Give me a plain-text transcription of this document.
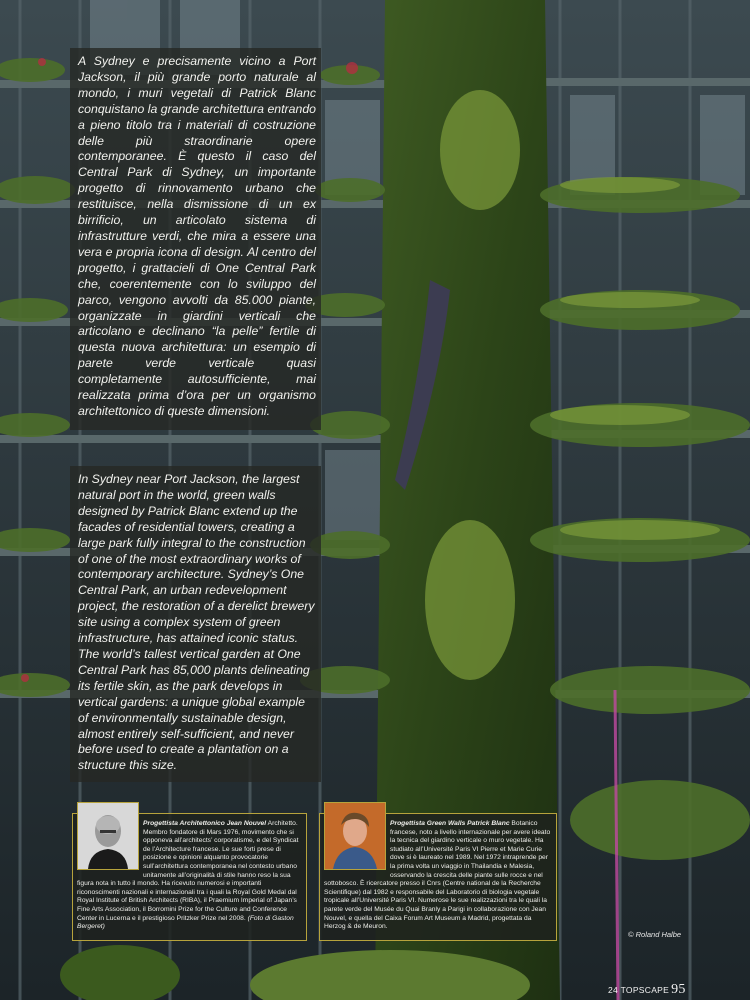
A Sydney e precisamente vicino a Port Jackson, il più grande porto naturale al mondo, i muri vegetali di Patrick Blanc conquistano la grande architettura entrando a pieno titolo tra i materiali di costruzione delle più straordinarie opere contemporanee. È questo il caso del Central Park di Sydney, un importante progetto di rinnovamento urbano che restituisce, nella dismissione di un ex birrificio, un articolato sistema di infrastrutture verdi, che mira a essere una vera e propria icona di design. Al centro del progetto, i grattacieli di One Central Park che, coerentemente con lo sviluppo del parco, vengono avvolti da 85.000 piante, organizzate in giardini verticali che articolano e declinano “la pelle” fertile di questa nuova architettura: un esempio di parete verde verticale quasi completamente autosufficiente, mai realizzata prima d’ora per un organismo architettonico di queste dimensioni.
In Sydney near Port Jackson, the largest natural port in the world, green walls designed by Patrick Blanc extend up the facades of residential towers, creating a large park fully integral to the construction of one of the most extraordinary works of contemporary architecture. Sydney’s One Central Park, an urban redevelopment project, the restoration of a derelict brewery site using a complex system of green infrastructure, has attained iconic status. The world’s tallest vertical garden at One Central Park has 85,000 plants delineating its fertile skin, as the park develops in vertical gardens: a unique global example of environmentally sustainable design, almost entirely self-sufficient, and never before used to create a plantation on a structure this size.

Progettista Architettonico Jean Nouvel Architetto. Membro fondatore di Mars 1976, movimento che si opponeva all’architects’ corporatisme, e del Syndicat de l’Architecture francese. Le sue forti prese di posizione e opinioni alquanto provocatorie sull’architettura contemporanea nel contesto urbano unitamente all’originalità di stile hanno reso la sua figura nota in tutto il mondo. Ha ricevuto numerosi e importanti riconoscimenti nazionali e internazionali tra i quali la Royal Gold Medal dal Royal Institute of British Architects (RIBA), il Praemium Imperial of Japan’s Fine Arts Association, il Borromini Prize for the Culture and Conference Center in Lucerna e il prestigioso Pritzker Prize nel 2008. (Foto di Gaston Bergeret)

Progettista Green Walls Patrick Blanc Botanico francese, noto a livello internazionale per avere ideato la tecnica del giardino verticale o muro vegetale. Ha studiato all’Université Paris VI Pierre et Marie Curie dove si è laureato nel 1989. Nel 1972 intraprende per la prima volta un viaggio in Thailandia e Malesia, osservando la crescita delle piante sulle rocce e nel sottobosco. È ricercatore presso il Cnrs (Centre national de la Recherche Scientifique) dal 1982 e responsabile del Laboratorio di biologia vegetale tropicale all’Université Paris VI. Numerose le sue realizzazioni tra le quali la parete verde del Musée du Quai Branly a Parigi in collaborazione con Jean Nouvel, e quella del Caixa Forum Art Museum a Madrid, progettata da Herzog & de Meuron.

© Roland Halbe
24 TOPSCAPE 95
